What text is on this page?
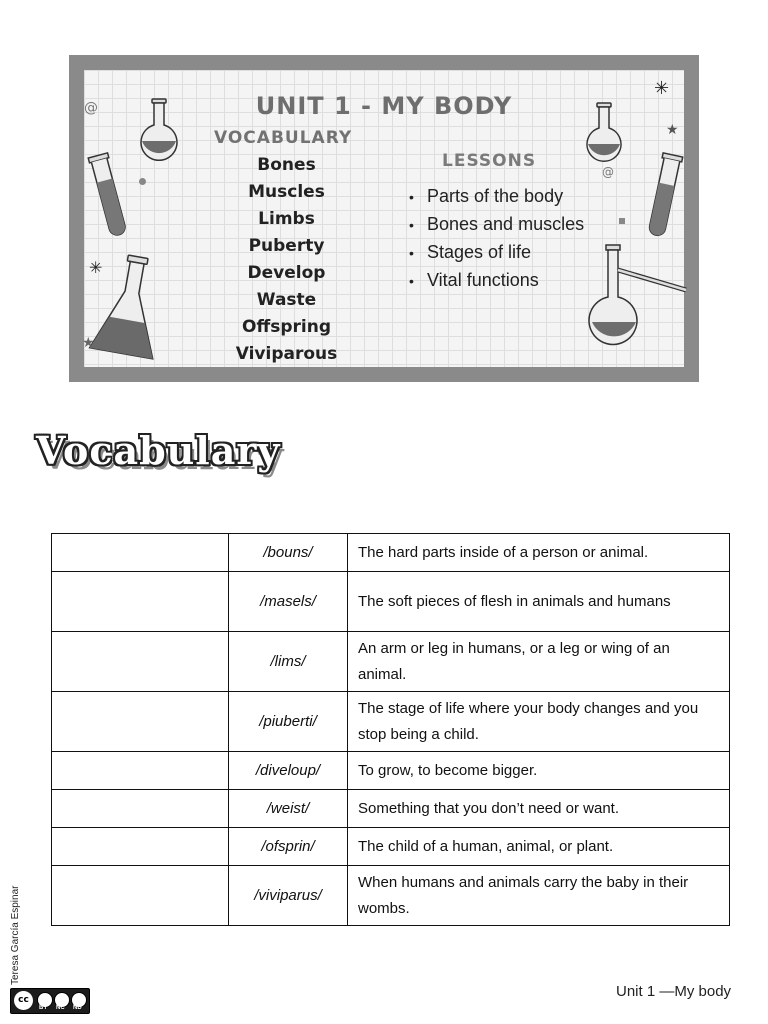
UNIT 1 - MY BODY
VOCABULARY
Bones
Muscles
Limbs
Puberty
Develop
Waste
Offspring
Viviparous
LESSONS
• Parts of the body
• Bones and muscles
• Stages of life
• Vital functions
✳
★
✳
★
@
@
Vocabulary
	/bouns/	The hard parts inside of a person or animal.
	/masels/	The soft pieces of flesh in animals and humans
	/lims/	An arm or leg in humans, or a leg or wing of an animal.
	/piuberti/	The stage of life where your body changes and you stop being a child.
	/diveloup/	To grow, to become bigger.
	/weist/	Something that you don’t need or want.
	/ofsprin/	The child of a human, animal, or plant.
	/viviparus/	When humans and animals carry the baby in their wombs.
Teresa García Espinar
cc
BY NC ND
Unit 1 —My body
